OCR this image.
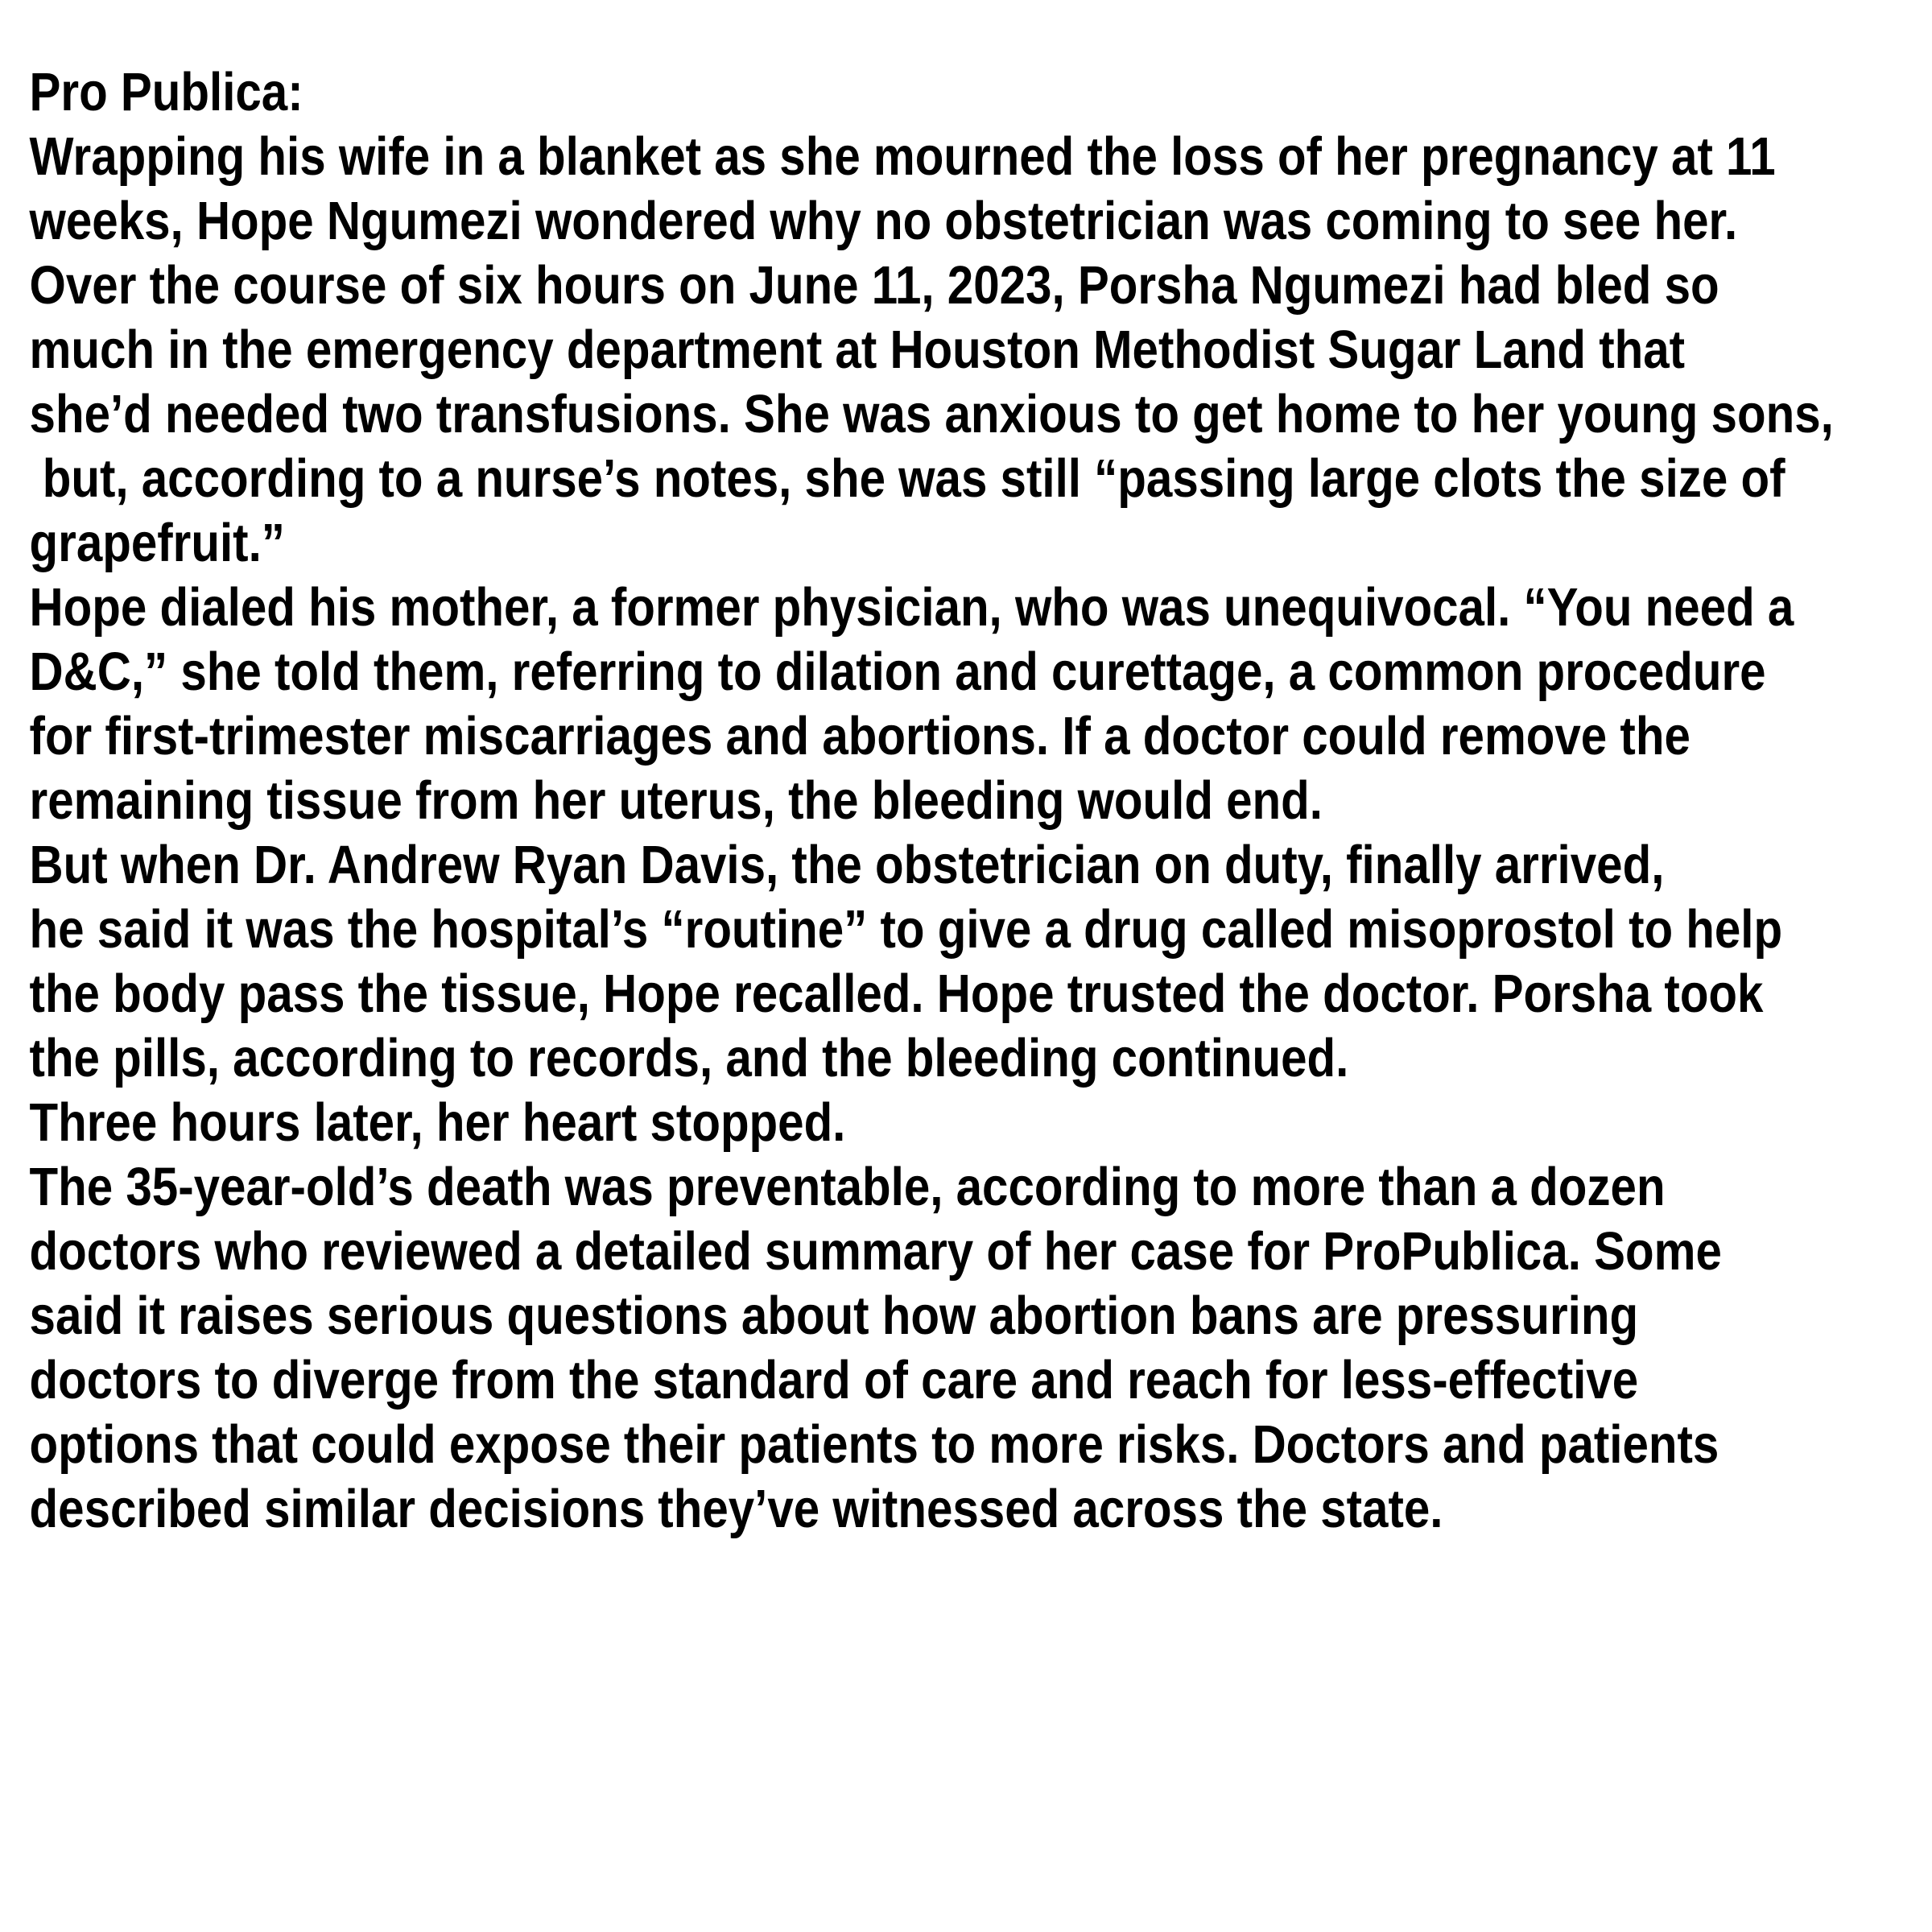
Pro Publica:
Wrapping his wife in a blanket as she mourned the loss of her pregnancy at 11
weeks, Hope Ngumezi wondered why no obstetrician was coming to see her.
Over the course of six hours on June 11, 2023, Porsha Ngumezi had bled so
much in the emergency department at Houston Methodist Sugar Land that
she’d needed two transfusions. She was anxious to get home to her young sons,
but, according to a nurse’s notes, she was still “passing large clots the size of
grapefruit.”
Hope dialed his mother, a former physician, who was unequivocal. “You need a
D&C,” she told them, referring to dilation and curettage, a common procedure
for first-trimester miscarriages and abortions. If a doctor could remove the
remaining tissue from her uterus, the bleeding would end.
But when Dr. Andrew Ryan Davis, the obstetrician on duty, finally arrived,
he said it was the hospital’s “routine” to give a drug called misoprostol to help
the body pass the tissue, Hope recalled. Hope trusted the doctor. Porsha took
the pills, according to records, and the bleeding continued.
Three hours later, her heart stopped.
The 35-year-old’s death was preventable, according to more than a dozen
doctors who reviewed a detailed summary of her case for ProPublica. Some
said it raises serious questions about how abortion bans are pressuring
doctors to diverge from the standard of care and reach for less-effective
options that could expose their patients to more risks. Doctors and patients
described similar decisions they’ve witnessed across the state.
